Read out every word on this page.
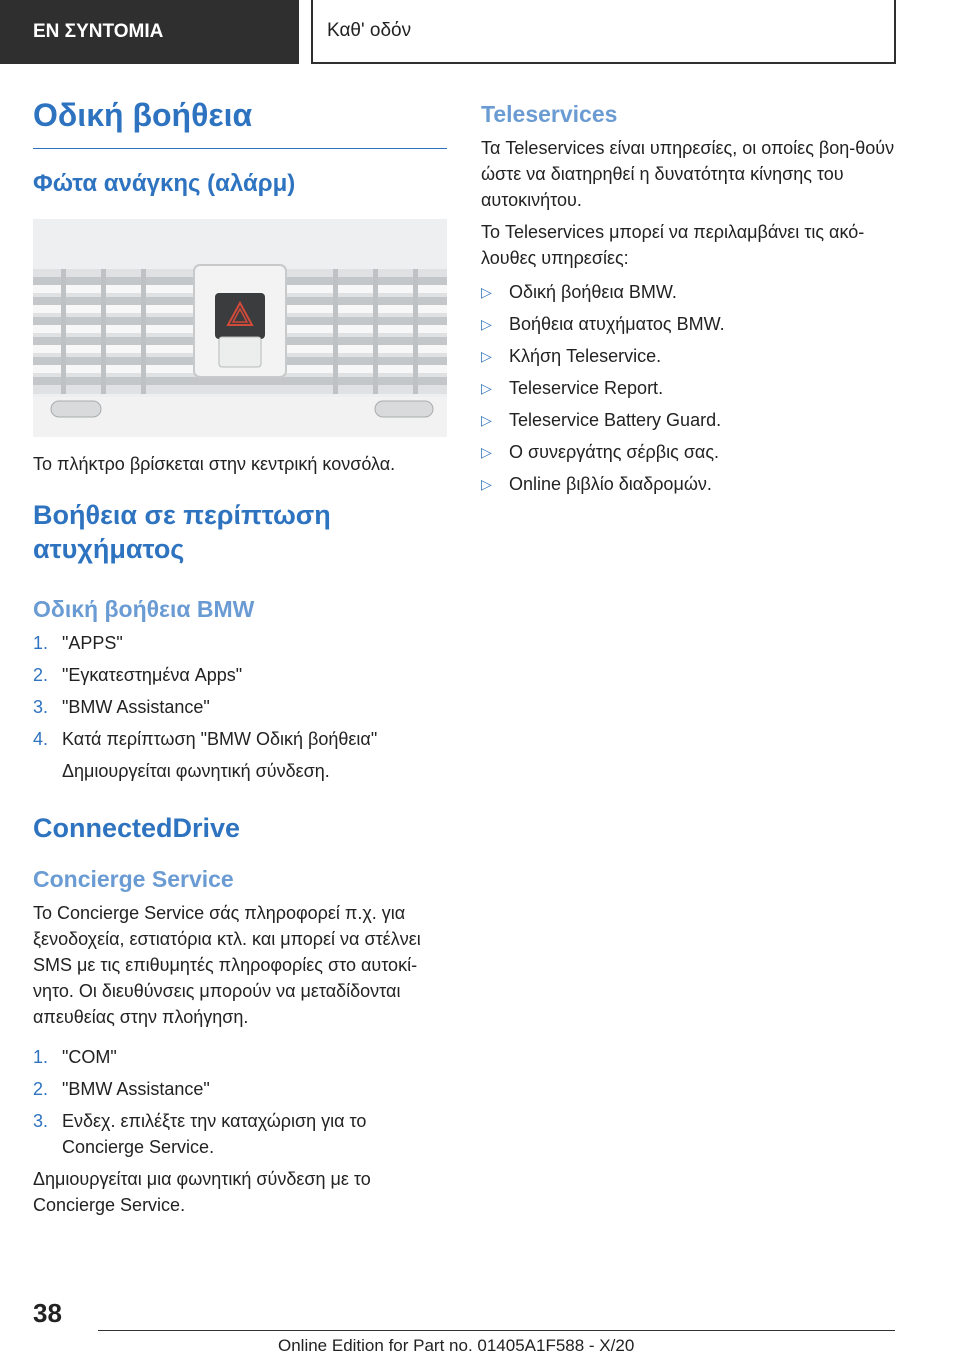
ΕΝ ΣΥΝΤΟΜΙΑ	Καθ' οδόν
Οδική βοήθεια
Φώτα ανάγκης (αλάρμ)

Το πλήκτρο βρίσκεται στην κεντρική κονσόλα.

Βοήθεια σε περίπτωση ατυχήματος
Οδική βοήθεια BMW
1. "APPS"
2. "Εγκατεστημένα Apps"
3. "BMW Assistance"
4. Κατά περίπτωση "BMW Οδική βοήθεια"

Δημιουργείται φωνητική σύνδεση.

ConnectedDrive
Concierge Service

Το Concierge Service σάς πληροφορεί π.χ. για ξενοδοχεία, εστιατόρια κτλ. και μπορεί να στέλνει SMS με τις επιθυμητές πληροφορίες στο αυτοκί-νητο. Οι διευθύνσεις μπορούν να μεταδίδονται απευθείας στην πλοήγηση.

1. "COM"
2. "BMW Assistance"
3. Ενδεχ. επιλέξτε την καταχώριση για το Concierge Service.

Δημιουργείται μια φωνητική σύνδεση με το Concierge Service.

Teleservices

Τα Teleservices είναι υπηρεσίες, οι οποίες βοη-θούν ώστε να διατηρηθεί η δυνατότητα κίνησης του αυτοκινήτου.

Το Teleservices μπορεί να περιλαμβάνει τις ακό-λουθες υπηρεσίες:

▷ Οδική βοήθεια BMW.
▷ Βοήθεια ατυχήματος BMW.
▷ Κλήση Teleservice.
▷ Teleservice Report.
▷ Teleservice Battery Guard.
▷ Ο συνεργάτης σέρβις σας.
▷ Online βιβλίο διαδρομών.
38
Online Edition for Part no. 01405A1F588 - X/20
